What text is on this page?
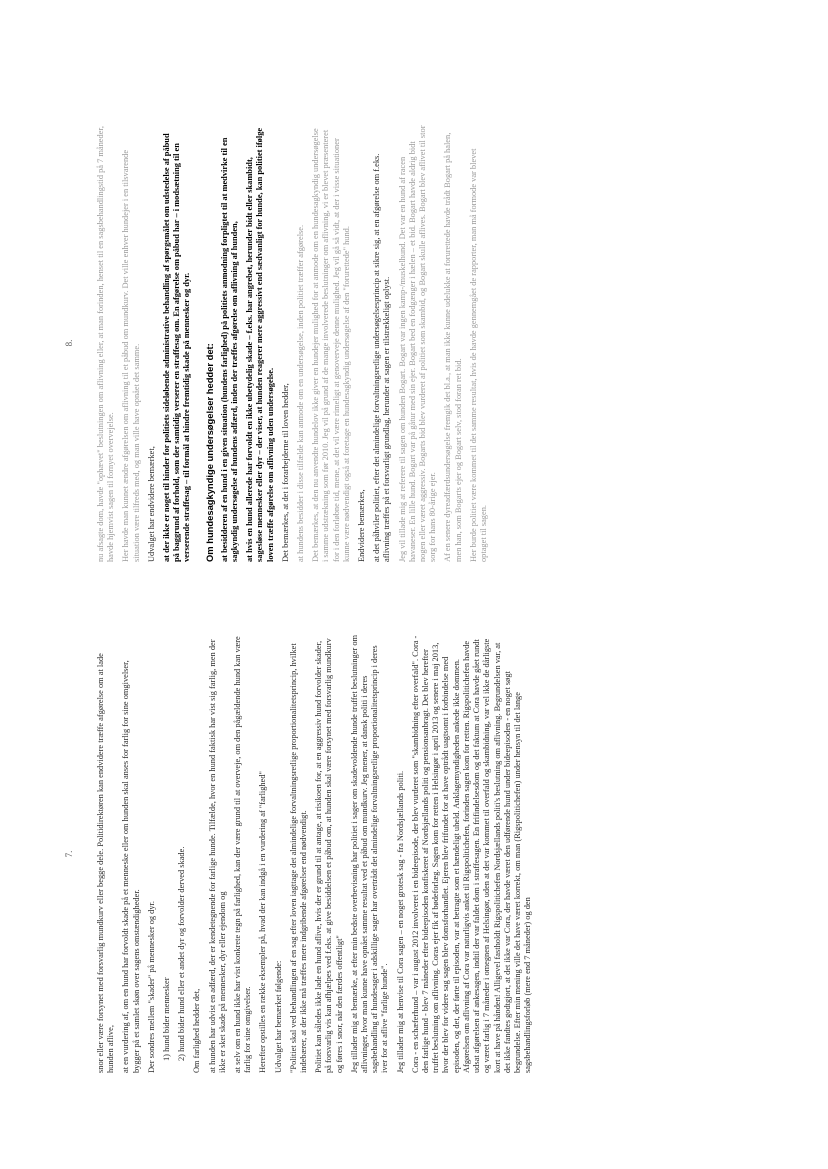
7.	snor eller være forsynet med forsvarlig mundkurv eller begge dele. Politidirektøren kan endvidere træffe afgørelse om at lade hunden aflive, at en vurdering af, om en hund har forvoldt skade på et menneske eller om hunden skal anses for farlig for sine omgivelser, bygger på et samlet skøn over sagens omstændigheder. Der sondres mellem "skader" på mennesker og dyr. 1) hund bider mennesker 2) hund bider hund eller et andet dyr og forvolder derved skade. Om farlighed hedder det, at hunden har udvist en adfærd, der er kendetegnende for farlige hunde. Tilfælde, hvor en hund faktisk har vist sig farlig, men der ikke er sket skade på mennesker, dyr eller ejendom og at selv om en hund ikke har vist konkrete tegn på farlighed, kan der være grund til at overveje, om den pågældende hund kan være farlig for sine omgivelser. Herefter opstilles en række eksempler på, hvad der kan indgå i en vurdering af "farlighed" Udvalget har bemærket følgende: "Politiet skal ved behandlingen af en sag efter loven iagttage det almindelige forvaltningsretlige proportionalitetsprincip, hvilket indebærer, at der ikke må træffes mere indgribende afgørelser end nødvendigt. Politiet kan således ikke lade en hund aflive, hvis der er grund til at antage, at risikoen for, at en aggressiv hund forvolder skader, på forsvarlig vis kan afhjælpes ved f.eks. at give besiddelsen et påbud om, at hunden skal være forsynet med forsvarlig mundkurv og føres i snor, når den færdes offentligt" Jeg tillader mig at bemærke, at efter min bedste overbevisning har politiet i sager om skadevoldende hunde truffet beslutninger om aflivninger, hvor man kunne have opnået samme resultat ved et påbud om mundkurv. Jeg mener, at dansk politi i deres sagsbehandling af hundesager i adskillige sager har overtrådt det almindelige forvaltningsretlige proportionalitetsprincip i deres iver for at aflive "farlige hunde". Jeg tillader mig at henvise til Cora sagen – en noget grotesk sag - fra Nordsjællands politi. Cora - en schæferhund – var i august 2012 involveret i en bideepisode, der blev vurderet som "skambidning efter overfald". Cora - den farlige hund - blev 7 måneder efter bideepisoden konfiskeret af Nordsjællands politi og pensionsanbragt. Det blev herefter truffet beslutning om aflivning. Coras ejer fik af bødeforlæg. Sagen kom for retten i Helsingør i april 2013 og senere i maj 2013, hvor der blev for videre sag sagen blev domsforhandlet. Ejeren blev frifundet for at have optrådt uagtsomt i forbindelse med episoden, og det, der førte til episoden, var at betragte som et hændeligt uheld. Anklagemyndigheden ankede ikke dommen. Afgørelsen om aflivning af Cora var naturligvis anket til Rigspolitichefen, forinden sagen kom for retten. Rigspolitichefen havde udsat afgørelsen af ankesagen, indtil der var faldet dom i straffesagen. En frifindelsesdom og det faktum at Cora havde gået rundt og været farlig i 7 måneder i omegnen af Helsingør, uden at det var kommet til overfald og skambidning, var vel ikke de dårligste kort at have på hånden! Alligevel fastholdt Rigspolitichefen Nordsjællands politi's beslutning om aflivning. Begrundelsen var, at det ikke fandtes godtgjort, at det ikke var Cora, der havde været den udførende hund under bideepisoden - en noget søgt begrundelse. Efter min mening ville det have været korrekt, om man (Rigspolitichefen) under hensyn til det lange sagsbehandlingsforløb (mere end 7 måneder) og den

8.	nu afsagte dom, havde "ophævet" beslutningen om aflivning eller, at man forinden, henset til en sagsbehandlingstid på 7 måneder, havde hjemvist sagen til fornyet overvejelse. Her havde man kunnet ændre afgørelsen om aflivning til et påbud om mundkurv. Det ville enhver hundejer i en tilsvarende situation være tilfreds med, og man ville have opnået det samme. Udvalget har endvidere bemærket, at der ikke er noget til hinder for politiets sideløbende administrative behandling af spørgsmålet om udstedelse af påbud på baggrund af forhold, som der samtidig verserer en straffesag om. En afgørelse om påbud har – i modsætning til en verserende straffesag – til formål at hindre fremtidig skade på mennesker og dyr. Om hundesagkyndige undersøgelser hedder det: at besidderen af en hund i en given situation (hundens farlighed) på politiets anmodning forpligtet til at medvirke til en sagkyndig undersøgelse af hundens adfærd, inden der træffes afgørelse om aflivning af hunden, at hvis en hund allerede har forvoldt en ikke ubetydelig skade – f.eks. har angrebet, herunder bidt eller skambidt, sagesløse mennesker eller dyr – der viser, at hunden reagerer mere aggressivt end sædvanligt for hunde, kan politiet ifølge loven træffe afgørelse om aflivning uden undersøgelse. Det bemærkes, at det i forarbejderne til loven hedder, at hundens besidder i disse tilfælde kan anmode om en undersøgelse, inden politiet træffer afgørelse. Det bemærkes, at den nu anvendte hundelov ikke giver en hundejer mulighed for at anmode om en hundesagkyndig undersøgelse i samme udstrækning som før 2010. Jeg vil på grund af de mange involverede beslutninger om aflivning, vi er blevet præsenteret for i den forløbne tid, mene, at det vil være rimeligt at genoverveje denne mulighed. Jeg vil gå så vidt, at der i visse situationer kunne være nødvendigt også at foretage en hundesagkyndig undersøgelse af den "forurettede" hund. Endvidere bemærkes, at det påhviler politiet, efter det almindelige forvaltningsretlige undersøgelsesprincip at sikre sig, at en afgørelse om f.eks. aflivning træffes på et forsvarligt grundlag, herunder at sagen er tilstrækkeligt oplyst. Jeg vil tillade mig at referere til sagen om hunden Bogart. Bogart var ingen kamp-/muskelhund. Det var en hund af racen havaneser. En lille hund. Bogart var på gåtur med sin ejer. Bogart bed en fodgænger i hælen – et bid. Bogart havde aldrig bidt nogen eller været aggressiv. Bogarts bid blev vurderet af politiet som skambid, og Bogart skulle aflives. Bogart blev aflivet til stor sorg for hans 80-årige ejer. Af en senere dyreadfærdsundersøgelse fremgik det bl.a., at man ikke kunne udelukke at forurettede havde trådt Bogart på halen, men han, som Bogarts ejer og Bogart selv, stod foran ret bid. Her burde politiet være kommet til det samme resultat, hvis de havde gennemgået de rapporter, man må formode var blevet optaget til sagen.
